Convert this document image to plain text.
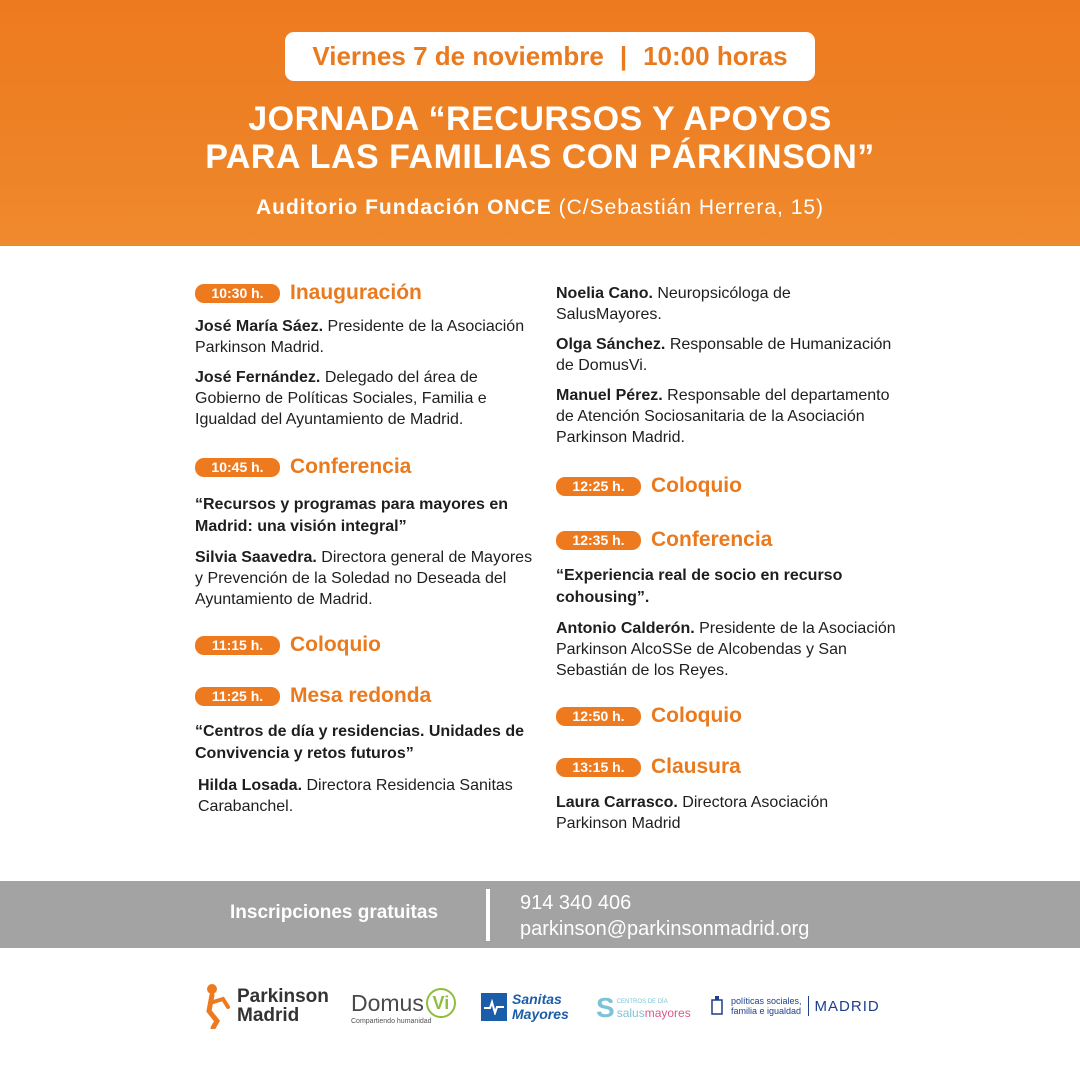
Viernes 7 de noviembre | 10:00 horas
JORNADA “RECURSOS Y APOYOS
PARA LAS FAMILIAS CON PÁRKINSON”
Auditorio Fundación ONCE (C/Sebastián Herrera, 15)
10:30 h.	Inauguración

José María Sáez. Presidente de la Asociación Parkinson Madrid.

José Fernández. Delegado del área de Gobierno de Políticas Sociales, Familia e Igualdad del Ayuntamiento de Madrid.

10:45 h.	Conferencia

“Recursos y programas para mayores en Madrid: una visión integral”

Silvia Saavedra. Directora general de Mayores y Prevención de la Soledad no Deseada del Ayuntamiento de Madrid.

11:15 h.	Coloquio
11:25 h.	Mesa redonda

“Centros de día y residencias. Unidades de Convivencia y retos futuros”

Hilda Losada. Directora Residencia Sanitas Carabanchel.

Noelia Cano. Neuropsicóloga de SalusMayores.

Olga Sánchez. Responsable de Humanización de DomusVi.

Manuel Pérez. Responsable del departamento de Atención Sociosanitaria de la Asociación Parkinson Madrid.

12:25 h.	Coloquio
12:35 h.	Conferencia

“Experiencia real de socio en recurso cohousing”.

Antonio Calderón. Presidente de la Asociación Parkinson AlcoSSe de Alcobendas y San Sebastián de los Reyes.

12:50 h.	Coloquio
13:15 h.	Clausura

Laura Carrasco. Directora Asociación Parkinson Madrid

Inscripciones gratuitas	914 340 406
parkinson@parkinsonmadrid.org
Parkinson
Madrid	Domus Vi
Compartiendo humanidad
Sanitas
Mayores S CENTROS DE DÍA
salusmayores
políticas sociales,
familia e igualdad MADRID
